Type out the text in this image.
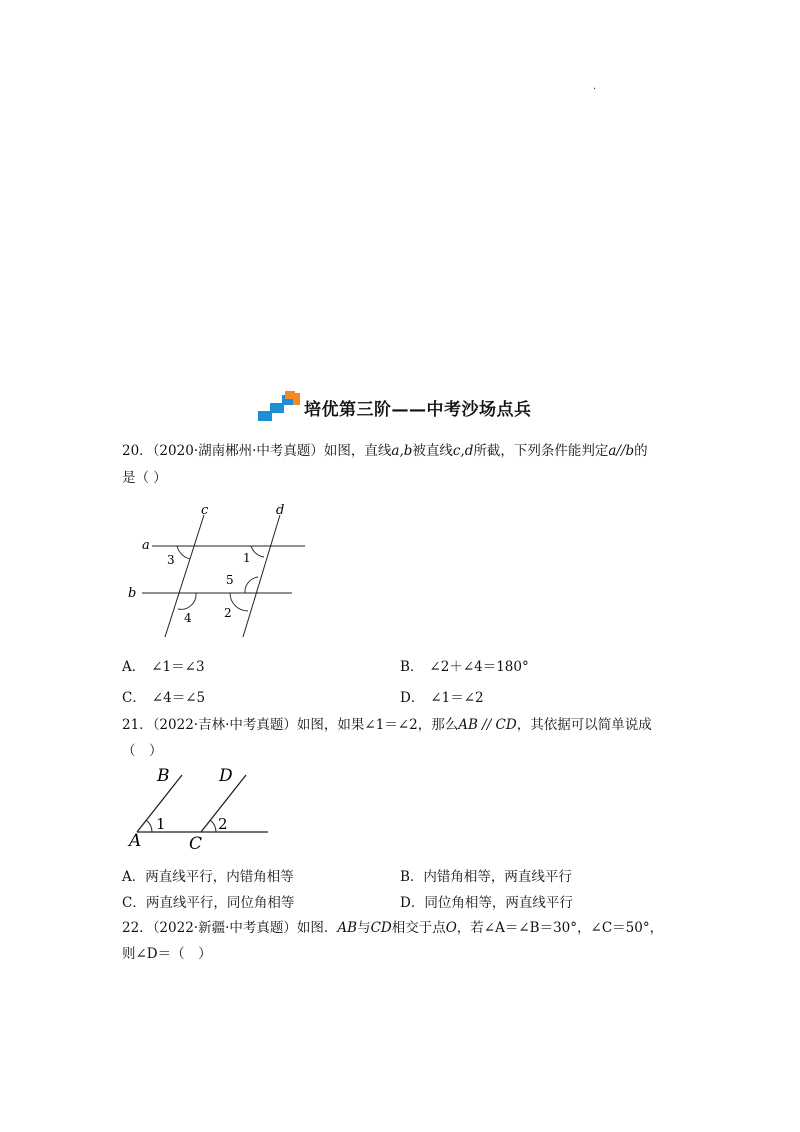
·
培优第三阶——中考沙场点兵
20．（2020·湖南郴州·中考真题）如图，直线a,b被直线c,d所截，下列条件能判定a//b的
是（ ）
a
b
c	d
1
2
3
4
5
A． ∠1＝∠3	B． ∠2＋∠4＝180°
C． ∠4＝∠5	D． ∠1＝∠2
21．（2022·吉林·中考真题）如图，如果∠1＝∠2，那么AB // CD，其依据可以简单说成
（　）
A
B
C
D
1	2
A．两直线平行，内错角相等	B．内错角相等，两直线平行
C．两直线平行，同位角相等	D．同位角相等，两直线平行
22．（2022·新疆·中考真题）如图．AB与CD相交于点O，若∠A＝∠B＝30°，∠C＝50°，
则∠D＝（　）
